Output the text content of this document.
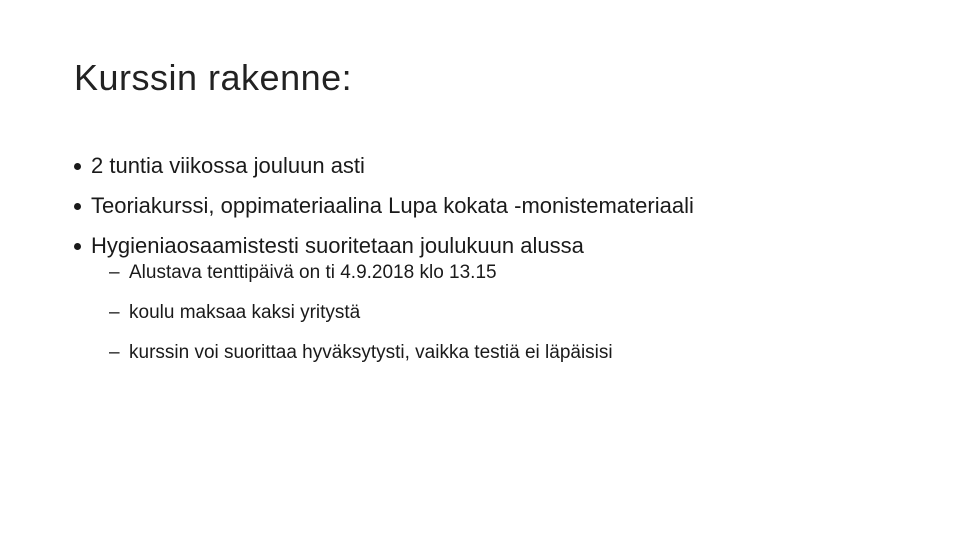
Kurssin rakenne:
2 tuntia viikossa jouluun asti
Teoriakurssi, oppimateriaalina Lupa kokata -monistemateriaali
Hygieniaosaamistesti suoritetaan joulukuun alussa
– Alustava tenttipäivä on ti 4.9.2018 klo 13.15
– koulu maksaa kaksi yritystä
– kurssin voi suorittaa hyväksytysti, vaikka testiä ei läpäisisi
